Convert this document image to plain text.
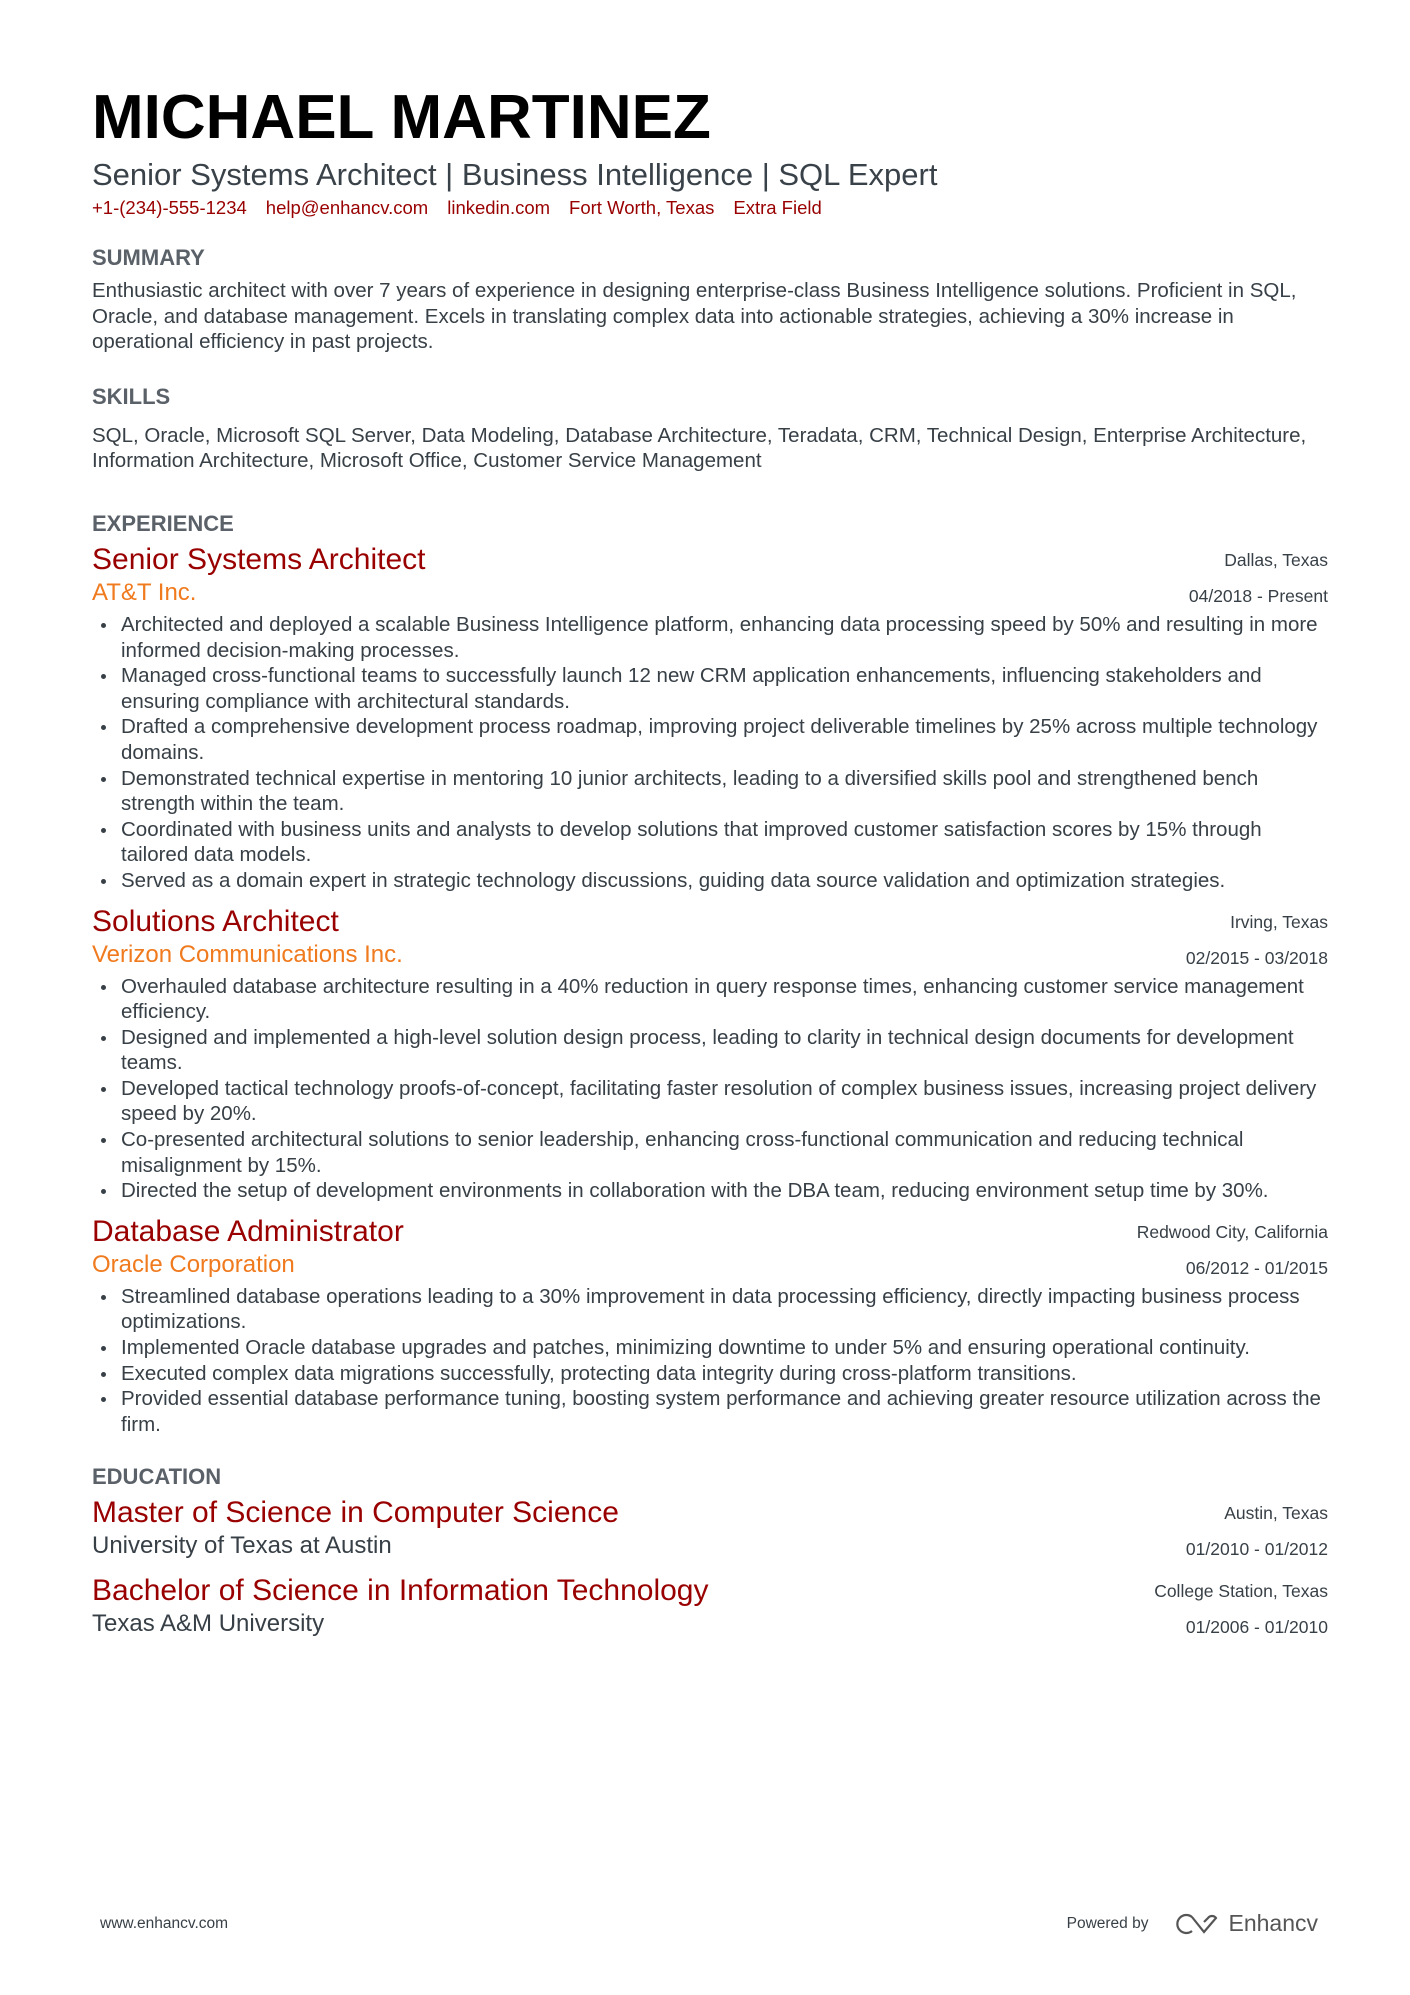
MICHAEL MARTINEZ
Senior Systems Architect | Business Intelligence | SQL Expert
+1-(234)-555-1234 help@enhancv.com linkedin.com Fort Worth, Texas Extra Field
SUMMARY
Enthusiastic architect with over 7 years of experience in designing enterprise-class Business Intelligence solutions. Proficient in SQL, Oracle, and database management. Excels in translating complex data into actionable strategies, achieving a 30% increase in operational efficiency in past projects.
SKILLS
SQL, Oracle, Microsoft SQL Server, Data Modeling, Database Architecture, Teradata, CRM, Technical Design, Enterprise Architecture, Information Architecture, Microsoft Office, Customer Service Management
EXPERIENCE
Senior Systems Architect
AT&T Inc.
Dallas, Texas
04/2018 - Present
Architected and deployed a scalable Business Intelligence platform, enhancing data processing speed by 50% and resulting in more informed decision-making processes.
Managed cross-functional teams to successfully launch 12 new CRM application enhancements, influencing stakeholders and ensuring compliance with architectural standards.
Drafted a comprehensive development process roadmap, improving project deliverable timelines by 25% across multiple technology domains.
Demonstrated technical expertise in mentoring 10 junior architects, leading to a diversified skills pool and strengthened bench strength within the team.
Coordinated with business units and analysts to develop solutions that improved customer satisfaction scores by 15% through tailored data models.
Served as a domain expert in strategic technology discussions, guiding data source validation and optimization strategies.
Solutions Architect
Verizon Communications Inc.
Irving, Texas
02/2015 - 03/2018
Overhauled database architecture resulting in a 40% reduction in query response times, enhancing customer service management efficiency.
Designed and implemented a high-level solution design process, leading to clarity in technical design documents for development teams.
Developed tactical technology proofs-of-concept, facilitating faster resolution of complex business issues, increasing project delivery speed by 20%.
Co-presented architectural solutions to senior leadership, enhancing cross-functional communication and reducing technical misalignment by 15%.
Directed the setup of development environments in collaboration with the DBA team, reducing environment setup time by 30%.
Database Administrator
Oracle Corporation
Redwood City, California
06/2012 - 01/2015
Streamlined database operations leading to a 30% improvement in data processing efficiency, directly impacting business process optimizations.
Implemented Oracle database upgrades and patches, minimizing downtime to under 5% and ensuring operational continuity.
Executed complex data migrations successfully, protecting data integrity during cross-platform transitions.
Provided essential database performance tuning, boosting system performance and achieving greater resource utilization across the firm.
EDUCATION
Master of Science in Computer Science
University of Texas at Austin
Austin, Texas
01/2010 - 01/2012
Bachelor of Science in Information Technology
Texas A&M University
College Station, Texas
01/2006 - 01/2010
www.enhancv.com	Powered by	Enhancv
